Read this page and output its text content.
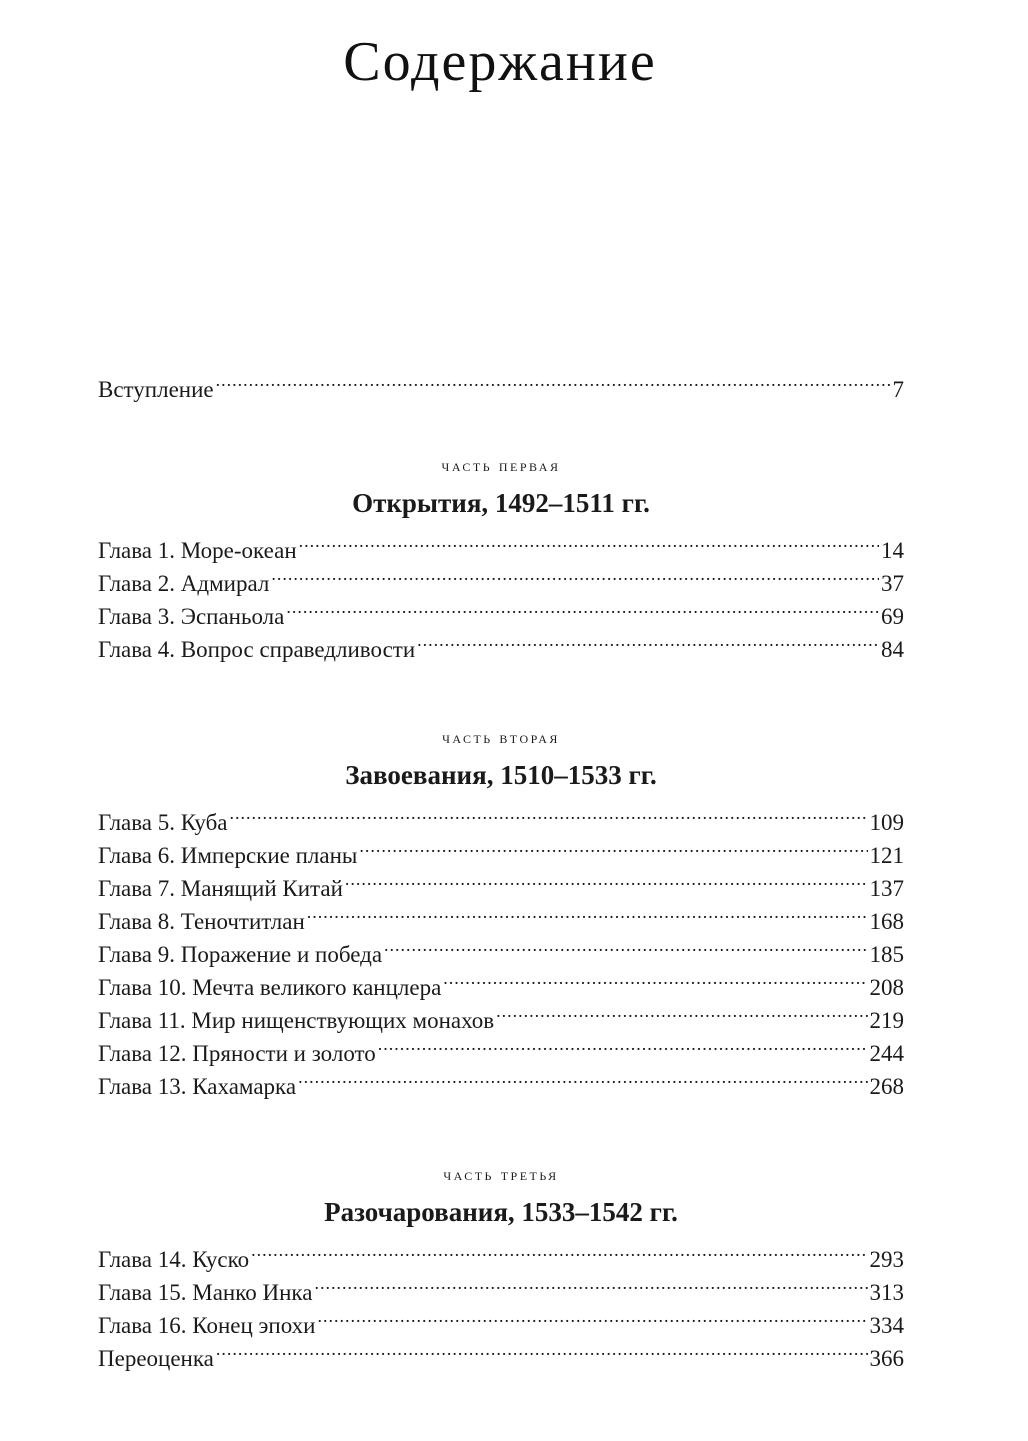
Содержание
Вступление .....	7
часть первая
Открытия, 1492–1511 гг.
Глава 1. Море-океан .....	14
Глава 2. Адмирал .....	37
Глава 3. Эспаньола .....	69
Глава 4. Вопрос справедливости .....	84
часть вторая
Завоевания, 1510–1533 гг.
Глава 5. Куба .....	109
Глава 6. Имперские планы .....	121
Глава 7. Манящий Китай .....	137
Глава 8. Теночтитлан .....	168
Глава 9. Поражение и победа .....	185
Глава 10. Мечта великого канцлера .....	208
Глава 11. Мир нищенствующих монахов .....	219
Глава 12. Пряности и золото .....	244
Глава 13. Кахамарка .....	268
часть третья
Разочарования, 1533–1542 гг.
Глава 14. Куско .....	293
Глава 15. Манко Инка .....	313
Глава 16. Конец эпохи .....	334
Переоценка .....	366
